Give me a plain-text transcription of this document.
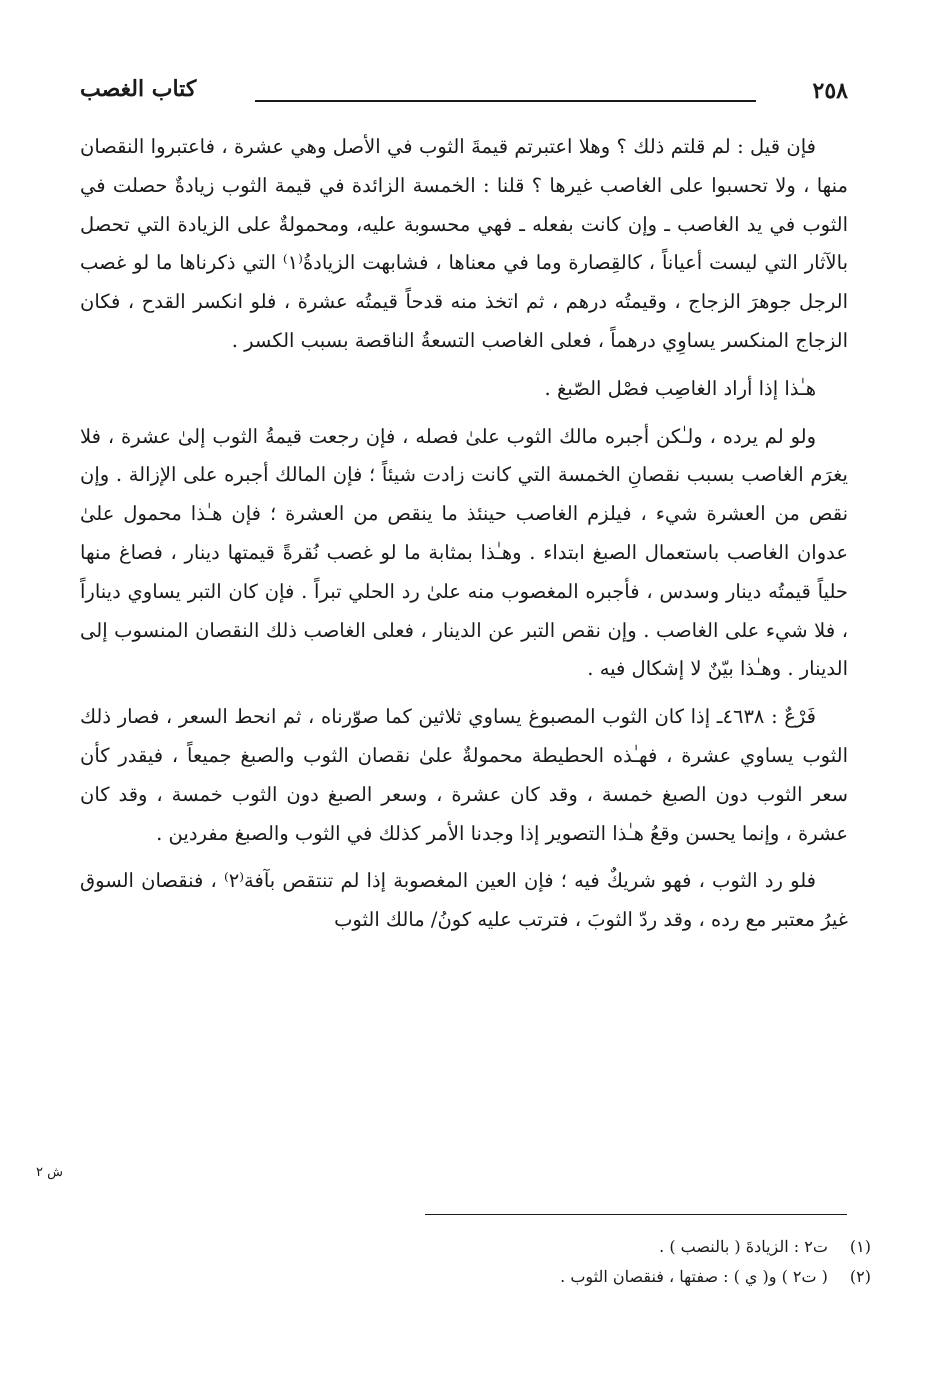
٢٥٨
كتاب الغصب

فإن قيل : لم قلتم ذلك ؟ وهلا اعتبرتم قيمةَ الثوب في الأصل وهي عشرة ، فاعتبروا النقصان منها ، ولا تحسبوا على الغاصب غيرها ؟ قلنا : الخمسة الزائدة في قيمة الثوب زيادةٌ حصلت في الثوب في يد الغاصب ـ وإن كانت بفعله ـ فهي محسوبة عليه، ومحمولةٌ على الزيادة التي تحصل بالآثار التي ليست أعياناً ، كالقِصارة وما في معناها ، فشابهت الزيادةُ⁽١⁾ التي ذكرناها ما لو غصب الرجل جوهرَ الزجاج ، وقيمتُه درهم ، ثم اتخذ منه قدحاً قيمتُه عشرة ، فلو انكسر القدح ، فكان الزجاج المنكسر يساوِي درهماً ، فعلى الغاصب التسعةُ الناقصة بسبب الكسر .

هـٰذا إذا أراد الغاصِب فصْل الصّبغ .

ولو لم يرده ، ولـٰكن أجبره مالك الثوب علىٰ فصله ، فإن رجعت قيمةُ الثوب إلىٰ عشرة ، فلا يغرَم الغاصب بسبب نقصانِ الخمسة التي كانت زادت شيئاً ؛ فإن المالك أجبره على الإزالة . وإن نقص من العشرة شيء ، فيلزم الغاصب حينئذ ما ينقص من العشرة ؛ فإن هـٰذا محمول علىٰ عدوان الغاصب باستعمال الصبغ ابتداء . وهـٰذا بمثابة ما لو غصب نُقرةً قيمتها دينار ، فصاغ منها حلياً قيمتُه دينار وسدس ، فأجبره المغصوب منه علىٰ رد الحلي تبراً . فإن كان التبر يساوي ديناراً ، فلا شيء على الغاصب . وإن نقص التبر عن الدينار ، فعلى الغاصب ذلك النقصان المنسوب إلى الدينار . وهـٰذا بيّنٌ لا إشكال فيه .

فَرْعٌ : ٤٦٣٨ـ إذا كان الثوب المصبوغ يساوي ثلاثين كما صوّرناه ، ثم انحط السعر ، فصار ذلك الثوب يساوي عشرة ، فهـٰذه الحطيطة محمولةٌ علىٰ نقصان الثوب والصبغ جميعاً ، فيقدر كأن سعر الثوب دون الصبغ خمسة ، وقد كان عشرة ، وسعر الصبغ دون الثوب خمسة ، وقد كان عشرة ، وإنما يحسن وقعُ هـٰذا التصوير إذا وجدنا الأمر كذلك في الثوب والصبغ مفردين .

فلو رد الثوب ، فهو شريكٌ فيه ؛ فإن العين المغصوبة إذا لم تنتقص بآفة⁽٢⁾ ، فنقصان السوق غيرُ معتبر مع رده ، وقد ردّ الثوبَ ، فترتب عليه كونُ/ مالك الثوب

ش ٢
(١) ت٢ : الزيادةَ ( بالنصب ) .
(٢) ( ت٢ ) و( ي ) : صفتها ، فنقصان الثوب .
